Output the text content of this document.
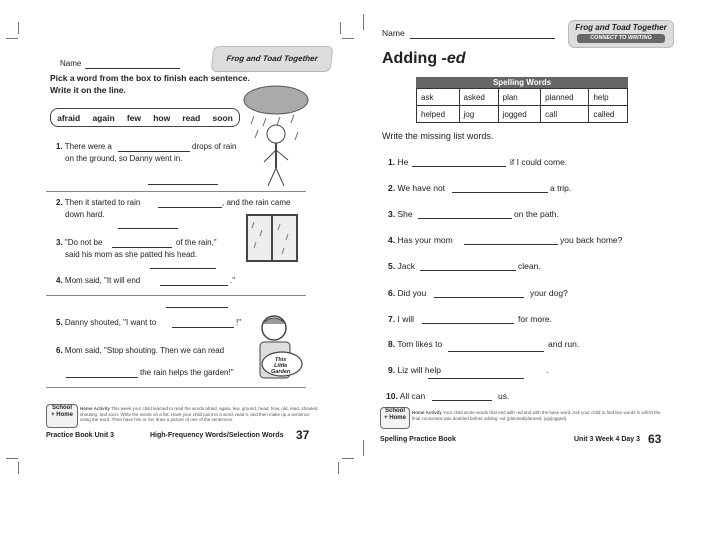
Name
Frog and Toad Together
Pick a word from the box to finish each sentence.
Write it on the line.
afraid again few how read soon
1. There were a	drops of rain
on the ground, so Danny went in.
2. Then it started to rain	, and the rain came
down hard.
3. "Do not be	of the rain,"
said his mom as she patted his head.
4. Mom said, "It will end	."
5. Danny shouted, "I want to	!"
This
Little
Garden
6. Mom said, "Stop shouting. Then we can read
the rain helps the garden!"
School
+ Home
Home Activity This week your child learned to read the words afraid, again, few, ground, head, how, old, read, shouted, shouting, and soon. Write the words on a list. Have your child point to a word, read it, and then make up a sentence using the word. Then have him or her draw a picture of one of the sentences.
Practice Book Unit 3	High-Frequency Words/Selection Words 37
Name
Frog and Toad Together
CONNECT TO WRITING
Adding -ed
Spelling Words
ask	asked	plan	planned	help
helped	jog	jogged	call	called
Write the missing list words.
1. He	if I could come.
2. We have not	a trip.
3. She	on the path.
4. Has your mom	you back home?
5. Jack	clean.
6. Did you	your dog?
7. I will	for more.
8. Tom likes to	and run.
9. Liz will help	.
10. All can	us.
School
+ Home
Home Activity Your child wrote words that end with -ed and with the base word. Ask your child to find two words in which the final consonant was doubled before adding -ed (planned/planned, jog/jogged).
Spelling Practice Book	Unit 3 Week 4 Day 3 63
